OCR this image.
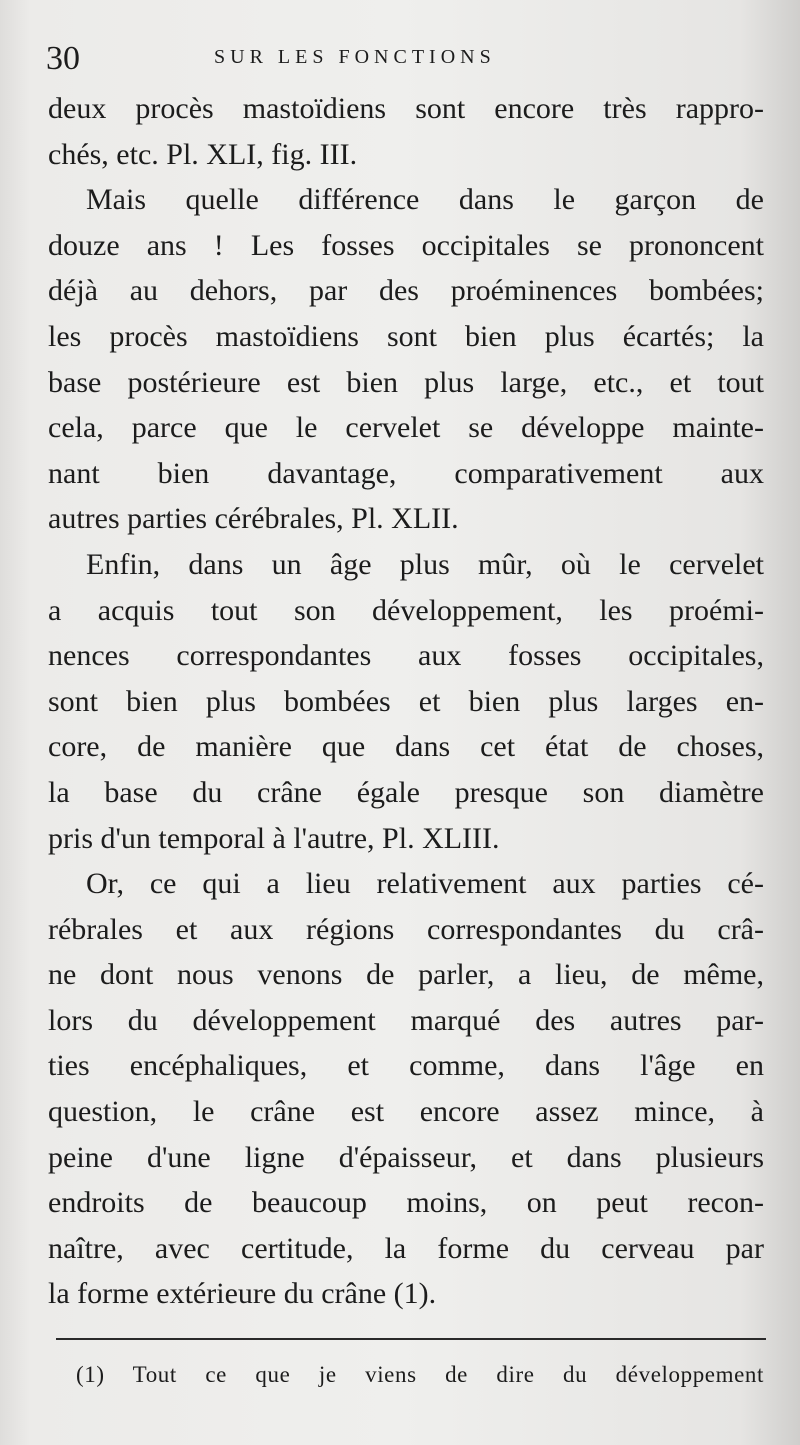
30	SUR LES FONCTIONS
deux procès mastoïdiens sont encore très rappro-
chés, etc. Pl. XLI, fig. III.
Mais quelle différence dans le garçon de
douze ans ! Les fosses occipitales se prononcent
déjà au dehors, par des proéminences bombées;
les procès mastoïdiens sont bien plus écartés; la
base postérieure est bien plus large, etc., et tout
cela, parce que le cervelet se développe mainte-
nant bien davantage, comparativement aux
autres parties cérébrales, Pl. XLII.
Enfin, dans un âge plus mûr, où le cervelet
a acquis tout son développement, les proémi-
nences correspondantes aux fosses occipitales,
sont bien plus bombées et bien plus larges en-
core, de manière que dans cet état de choses,
la base du crâne égale presque son diamètre
pris d'un temporal à l'autre, Pl. XLIII.
Or, ce qui a lieu relativement aux parties cé-
rébrales et aux régions correspondantes du crâ-
ne dont nous venons de parler, a lieu, de même,
lors du développement marqué des autres par-
ties encéphaliques, et comme, dans l'âge en
question, le crâne est encore assez mince, à
peine d'une ligne d'épaisseur, et dans plusieurs
endroits de beaucoup moins, on peut recon-
naître, avec certitude, la forme du cerveau par
la forme extérieure du crâne (1).
(1) Tout ce que je viens de dire du développement
